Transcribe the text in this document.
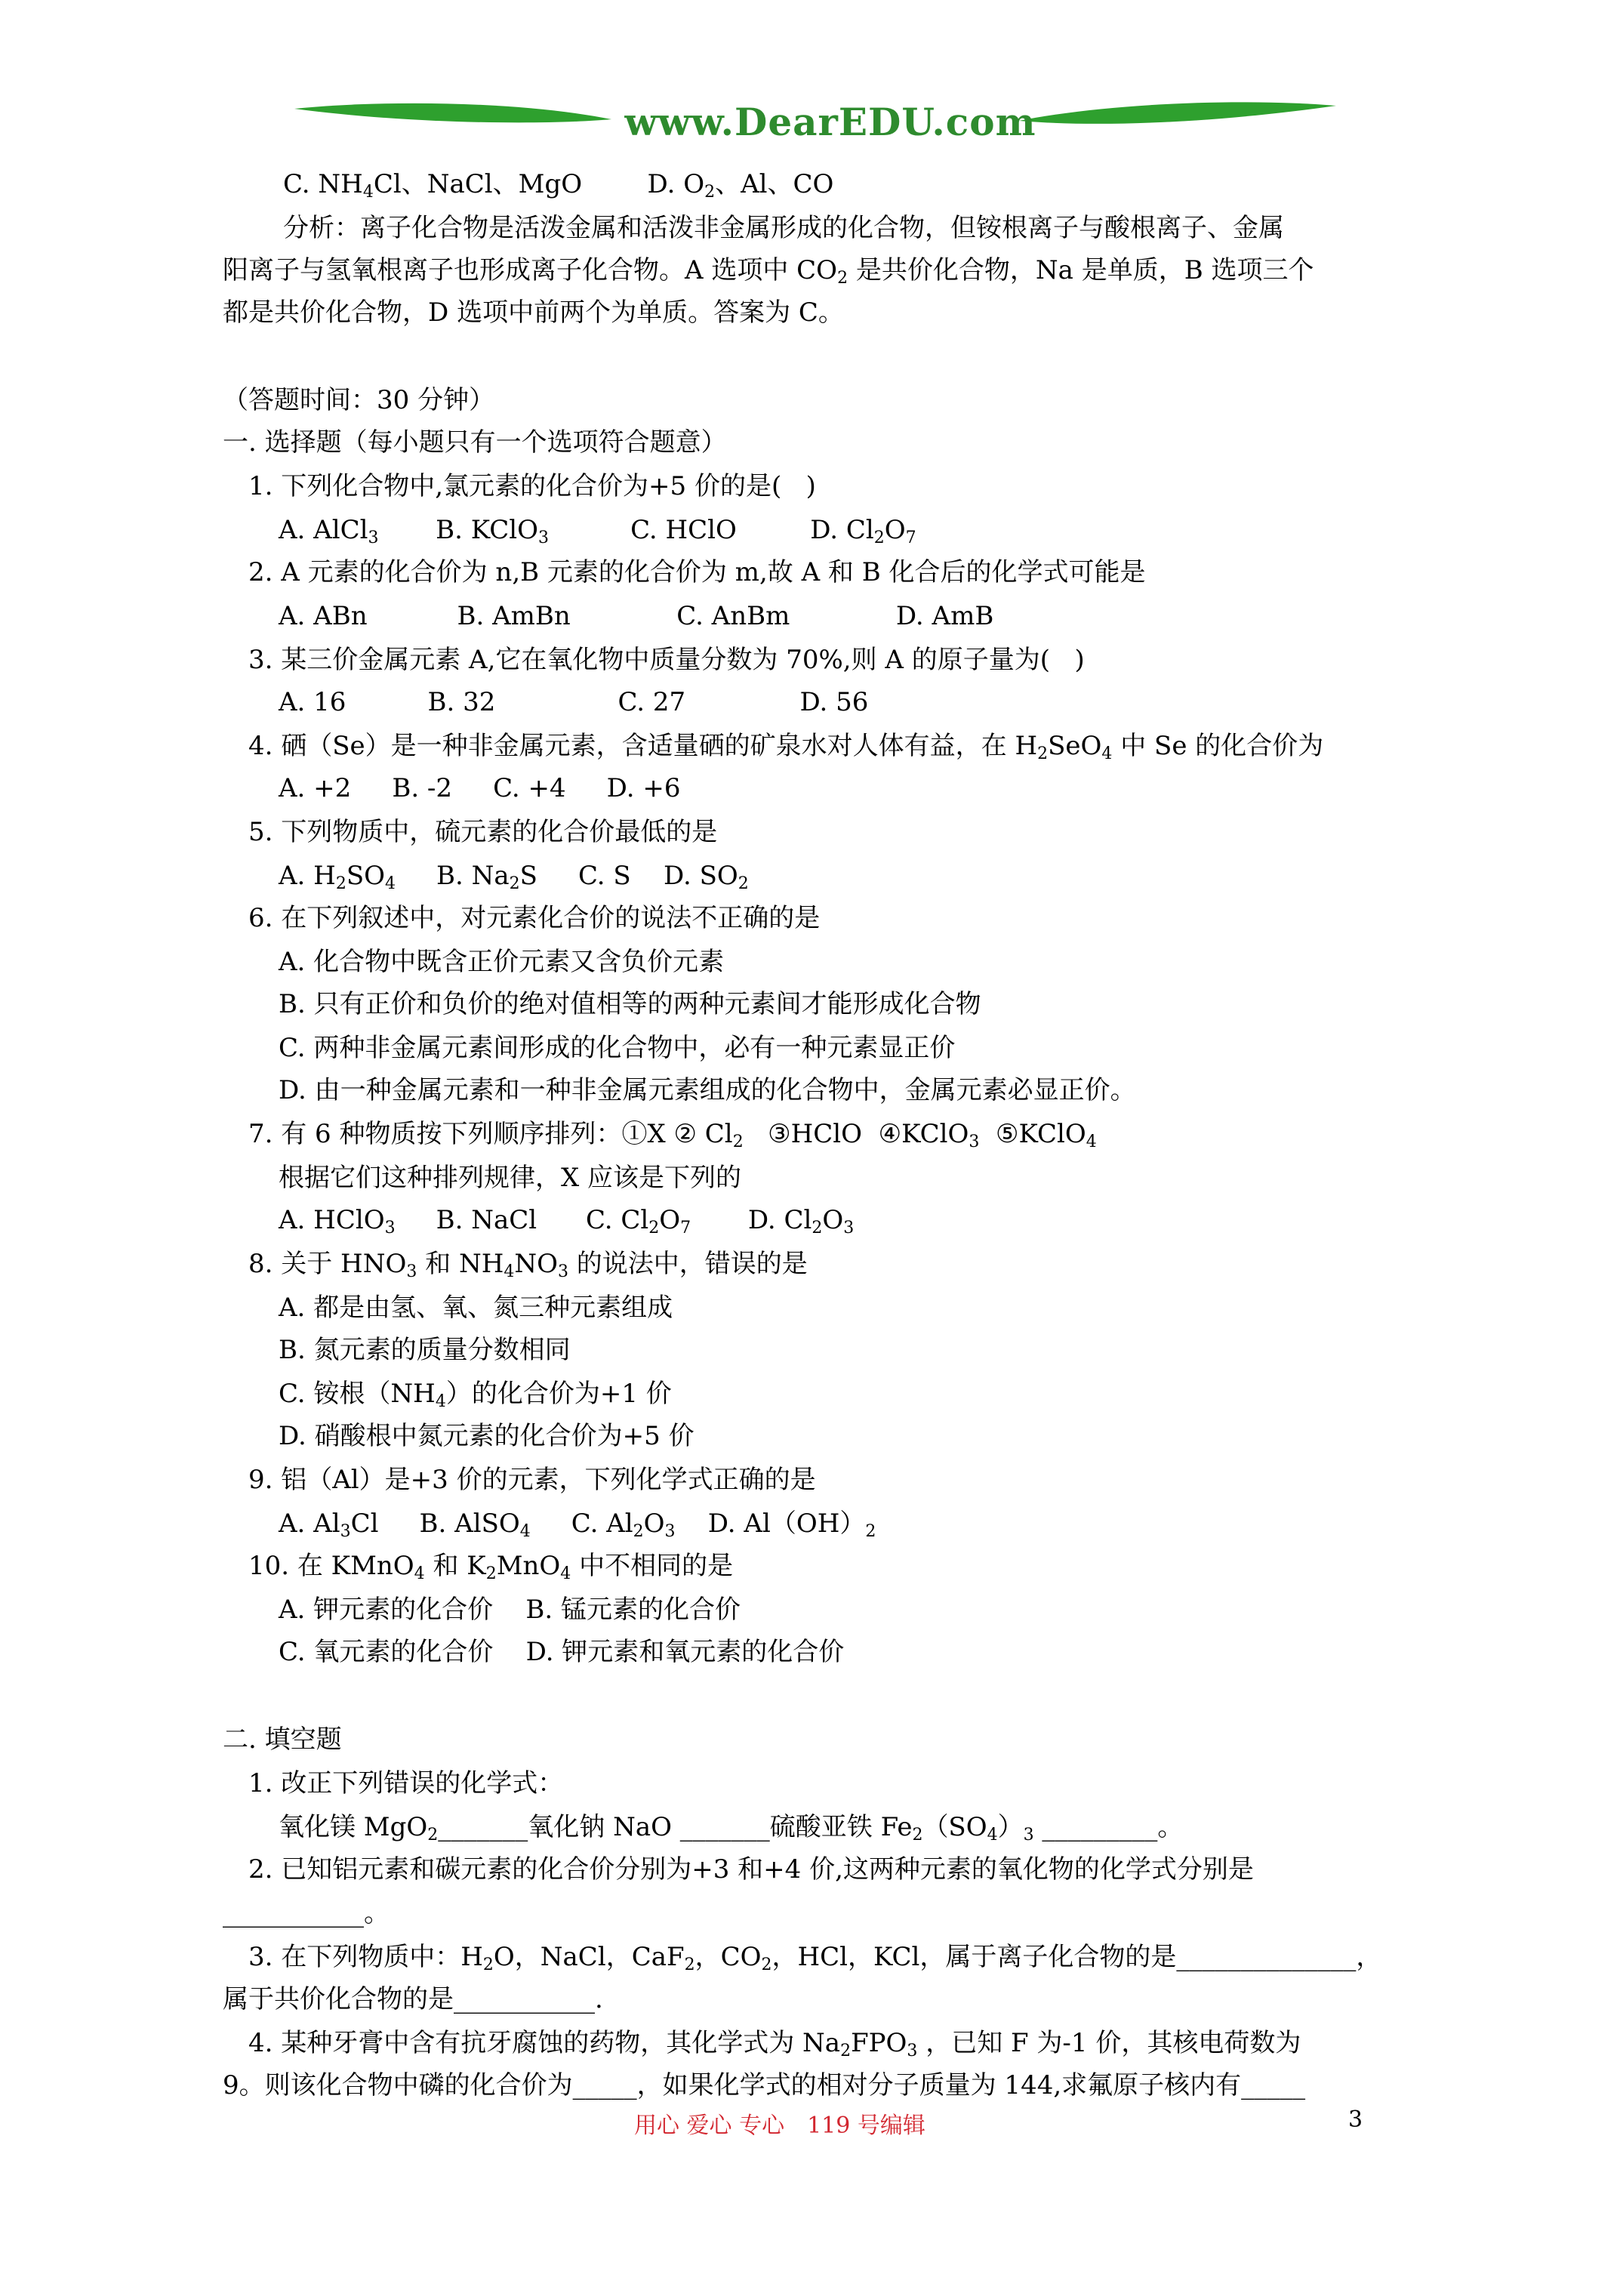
www.DearEDU.com
C. $NH_4Cl$、NaCl、MgO        D. $O_2$、Al、CO
分析：离子化合物是活泼金属和活泼非金属形成的化合物，但铵根离子与酸根离子、金属
阳离子与氢氧根离子也形成离子化合物。A 选项中 $CO_2$ 是共价化合物，Na 是单质，B 选项三个
都是共价化合物，D 选项中前两个为单质。答案为 C。
（答题时间：30 分钟）
一. 选择题（每小题只有一个选项符合题意）
1. 下列化合物中,氯元素的化合价为+5 价的是(   )
A. AlCl$_3$       B. KClO$_3$          C. HClO         D. $Cl_2O_7$
2. A 元素的化合价为 n,B 元素的化合价为 m,故 A 和 B 化合后的化学式可能是
A. ABn           B. AmBn             C. AnBm             D. AmB
3. 某三价金属元素 A,它在氧化物中质量分数为 70%,则 A 的原子量为(   )
A. 16          B. 32               C. 27              D. 56
4. 硒（Se）是一种非金属元素，含适量硒的矿泉水对人体有益，在 $H_2SeO_4$ 中 Se 的化合价为
A. +2     B. -2     C. +4     D. +6
5. 下列物质中，硫元素的化合价最低的是
A. $H_2SO_4$     B. $Na_2S$     C. S    D. $SO_2$
6. 在下列叙述中，对元素化合价的说法不正确的是
A. 化合物中既含正价元素又含负价元素
B. 只有正价和负价的绝对值相等的两种元素间才能形成化合物
C. 两种非金属元素间形成的化合物中，必有一种元素显正价
D. 由一种金属元素和一种非金属元素组成的化合物中，金属元素必显正价。
7. 有 6 种物质按下列顺序排列：①X ② $Cl_2$   ③HClO  ④KClO$_3$  ⑤KClO$_4$
根据它们这种排列规律，X 应该是下列的
A. HClO$_3$     B. NaCl      C. $Cl_2O_7$       D. $Cl_2O_3$
8. 关于 $HNO_3$ 和 $NH_4NO_3$ 的说法中，错误的是
A. 都是由氢、氧、氮三种元素组成
B. 氮元素的质量分数相同
C. 铵根$(NH_4)$的化合价为+1 价
D. 硝酸根中氮元素的化合价为+5 价
9. 铝（Al）是+3 价的元素，下列化学式正确的是
A. $Al_3Cl$     B. AlSO$_4$     C. $Al_2O_3$    D. $Al(OH)_2$
10. 在 KMnO$_4$ 和 $K_2MnO_4$ 中不相同的是
A. 钾元素的化合价    B. 锰元素的化合价
C. 氧元素的化合价    D. 钾元素和氧元素的化合价
二. 填空题
1. 改正下列错误的化学式：
氧化镁 MgO$_2$_______氧化钠 NaO _______硫酸亚铁 $Fe_2(SO_4)_3$ _________。
2. 已知铝元素和碳元素的化合价分别为+3 和+4 价,这两种元素的氧化物的化学式分别是
___________。
3. 在下列物质中：$H_2O$，NaCl，CaF$_2$，$CO_2$，HCl，KCl，属于离子化合物的是______________，
属于共价化合物的是___________.
4. 某种牙膏中含有抗牙腐蚀的药物，其化学式为 $Na_2FPO_3$ ，已知 F 为-1 价，其核电荷数为
9。则该化合物中磷的化合价为_____，如果化学式的相对分子质量为 144,求氟原子核内有_____
用心 爱心 专心　119 号编辑	3
